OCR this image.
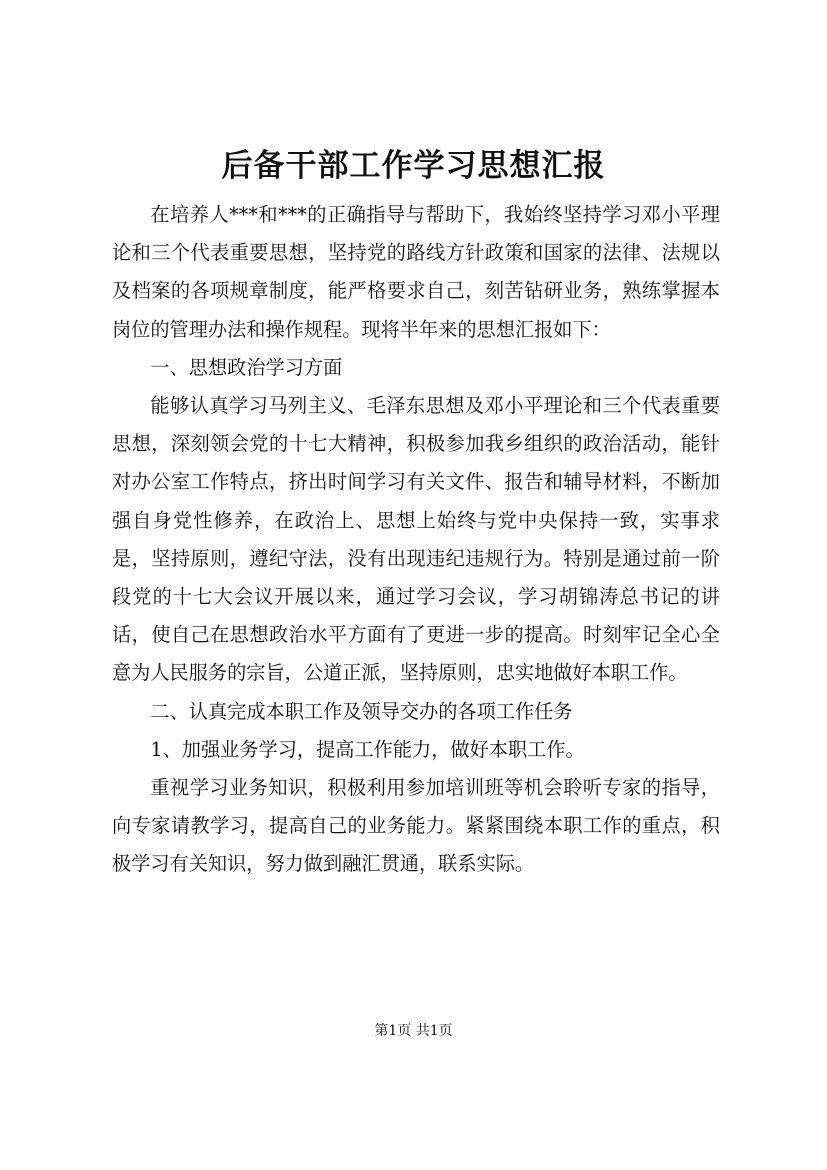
后备干部工作学习思想汇报

在培养人***和***的正确指导与帮助下，我始终坚持学习邓小平理论和三个代表重要思想，坚持党的路线方针政策和国家的法律、法规以及档案的各项规章制度，能严格要求自己，刻苦钻研业务，熟练掌握本岗位的管理办法和操作规程。现将半年来的思想汇报如下：

一、思想政治学习方面

能够认真学习马列主义、毛泽东思想及邓小平理论和三个代表重要思想，深刻领会党的十七大精神，积极参加我乡组织的政治活动，能针对办公室工作特点，挤出时间学习有关文件、报告和辅导材料，不断加强自身党性修养，在政治上、思想上始终与党中央保持一致，实事求是，坚持原则，遵纪守法，没有出现违纪违规行为。特别是通过前一阶段党的十七大会议开展以来，通过学习会议，学习胡锦涛总书记的讲话，使自己在思想政治水平方面有了更进一步的提高。时刻牢记全心全意为人民服务的宗旨，公道正派，坚持原则，忠实地做好本职工作。

二、认真完成本职工作及领导交办的各项工作任务

1、加强业务学习，提高工作能力，做好本职工作。

重视学习业务知识，积极利用参加培训班等机会聆听专家的指导，向专家请教学习，提高自己的业务能力。紧紧围绕本职工作的重点，积极学习有关知识，努力做到融汇贯通，联系实际。

第1页 共1页
